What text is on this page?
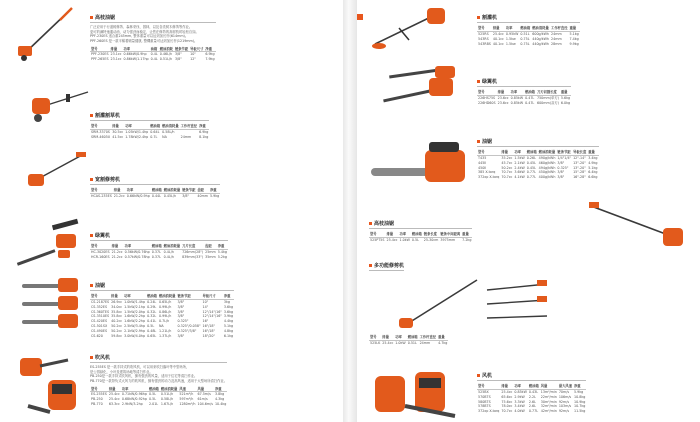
高枝油锯
广泛应用于行道树修剪、森林采伐、园林，以及各类树木修剪等作业。
更可的满特速通动油，动力强劲而稳定，让您在修剪的高树枝时轻松自如。
PPF-230ES 适合重245mm, 整体重量可以达到加长杆(614mm)。
PPF-260ES 是一款平稀着刷量健康, 整機重量可达到加长杆(1219mm)。
型号	排量	功率	油箱	燃油消耗	链条节距	导板尺寸	净重
PPF-230ES	23.1cc	0.66kW/0.9hp	0.4L	0.46L/h	3/8"	10"	6.9kg
PPF-265ES	23.1cc	0.86kW/1.17hp	0.4L	0.51L/h	3/8"	12"	7.9kg
割灌割草机
型号	排量	功率	燃油箱	燃油消耗量	工作杆直径	净重
SRM-3370S	30.5cc	1.05kW/1.4hp	0.64L	0.58L/h		6.9kg
SRM-4605U	41.5cc	1.78kW/2.4hp	0.7L	NA	24mm	8.1kg
宽割修剪机
型号	排量	功率	燃油箱	燃油消耗量	链条节距	齿距	净重
HCAS-235ES	21.2cc	0.66kW/0.9hp	0.44L	0.45L/h	3/8"	40mm	5.9kg
绿篱机
型号	排量	功率	燃油箱	燃油消耗量	刀片长度	齿距	净重
HC-3020ES	21.2cc	0.56kW/0.76hp	0.37L	0.4L/h	726mm(28")	25mm	5.4kg
HCR-160ES	21.2cc	0.57kW/0.78hp	0.37L	0.4L/h	839mm(33")	35mm	5.2kg
油锯
型号	排量	功率	燃油箱	燃油消耗量	链条节距	导板尺寸	净重
CS-2187ES	26.9cc	1.0kW/1.4hp	0.24L	0.65L/h	3/8"	10"	3kg
CS-352ES	34.0cc	1.5kW/2.1hp	0.29L	0.99L/h	3/8"	14"	3.6kg
CS-360TES	35.8cc	1.5kW/2.0hp	0.32L	0.86L/h	3/8"	12"/14"/16"	3.6kg
CS-3510ES	35.8cc	1.6kW/2.2hp	0.32L	0.99L/h	3/8"	12"/14"/16"	3.9kg
CS-420ES	40.2cc	1.6kW/2.2hp	0.41L	0.7L/h	0.325"	16"	4.4kg
CS-501SX	50.2cc	2.5kW/3.4hp	0.5L	NA	0.325"/0.058"	16"/18"	5.1kg
CS-490ES	50.2cc	2.1kW/2.9hp	0.48L	1.21L/h	0.325"/3/8"	16"/18"	4.8kg
CS-620	59.8cc	3.0kW/4.0hp	0.65L	1.37L/h	3/8"	18"/20"	6.1kg
吹风机
ES-255ES 是一款手持式的吹风机，可以用来吹扫落叶等中型场所，
是公园绿化，小叶及建筑场地等清扫作业。
PB-250是一款手持式吹风机，拥有强劲的风量，适用于住宅等清扫作业。
PB-770是一款背负式大风力的吹风机，拥有强劲的动力及高风速，适用于大型场所清扫作业。
型号	排量	功率	燃油箱	燃油消耗量	风速	风量	净重
ES-255ES	25.4cc	0.71kW/0.96hp	0.5L	0.51L/h	521m³/h	67.5m/s	3.8kg
PB-250	25.4cc	0.68kW/0.92hp	0.5L	0.58L/h	597m³/h	61m/s	4.3kg
PB-770	63.3cc	2.9kW/3.2hp	2.01L	1.67L/h	1280m³/h	104.6m/s	10.4kg
割灌机
型号	排量	功率	燃油箱	燃油消耗量	工作杆直径	重量
525RS	25.4cc	0.95kW	0.51L	600g/kWh	24mm	5.1kg
543RS	40.1cc	1.5kw	0.75L	440g/kWh	24mm	7.4kg
543RBS	40.1cc	1.5kw	0.75L	440g/kWh	28mm	9.9kg
绿篱机
型号	排量	功率	燃油箱	刀刃切割长度	重量
226HS75S	23.6cc	0.85kW	0.47L	750mm(单刃)	5.6kg
226HD60S	23.6cc	0.85kW	0.47L	600mm(双刃)	6.0kg
油锯
型号	排量	功率	燃油箱	燃油消耗量	链条节距	导板长度	重量
T435	35.2cc	1.5kW	0.26L	490g/kWh	1/4"1/4"	12"-14"	3.4kg
445II	45.7cc	2.1kW	0.45L	460g/kWh	3/8"	13"-20"	4.9kg
450II	50.2cc	2.4kW	0.45L	494g/kWh	0.325"	13"-20"	5.1kg
385 X-torq	70.7cc	3.6kW	0.77L	450g/kWh	3/8"	15"-28"	6.4kg
372xp X-torq	70.7cc	4.1kW	0.77L	400g/kWh	3/8"	16"-28"	6.6kg
高枝油锯
型号	排量	功率	燃油箱	链条长度	链条中间距离	重量
525PT5S	25.4cc	1.0kW	0.5L	25-30cm	3975mm	7.2kg
多功能修剪机
型号	排量	功率	燃油箱	工作杆直径	重量
525LK	25.4cc	1.0kW	0.51L	24mm	4.7kg
风机
型号	排量	功率	燃油箱	风量	最大风速	净重
525BX	25.4cc	0.85kW	0.43L	13m³/min	70m/s	5.9kg
570BTS	65.6cc	2.9kW	2.2L	22m³/min	106m/s	10.8kg
580BTS	75.6cc	3.3kW	2.6L	30m³/min	92m/s	10.9kg
578BTS	78.0cc	3.4kW	2.6L	32m³/min	103m/s	10.7kg
372xp X-torq	70.7cc	4.0kW	0.77L	42m³/min	92m/s	11.5kg
